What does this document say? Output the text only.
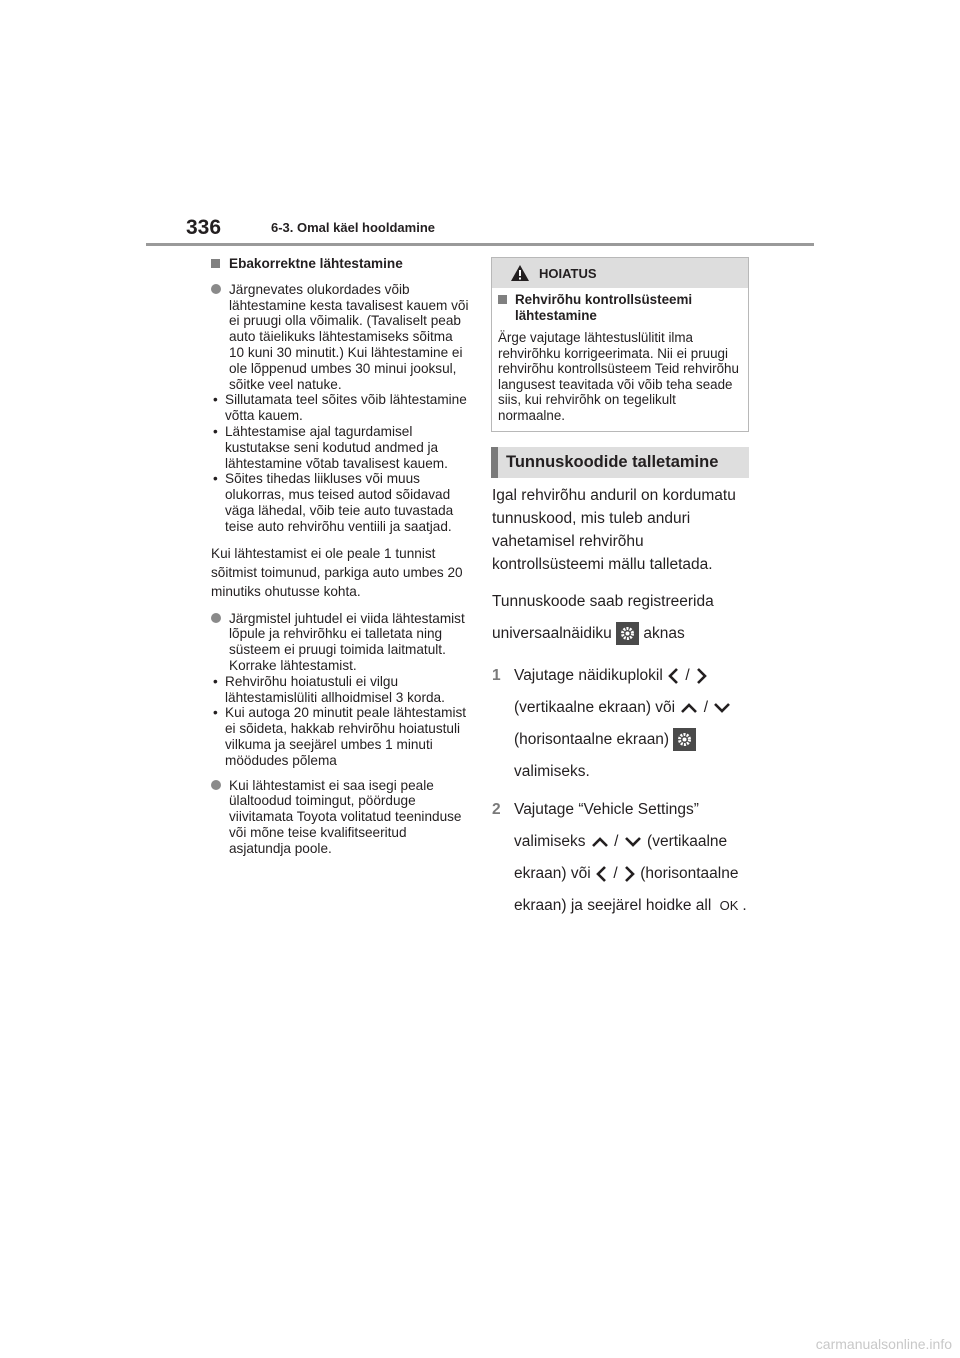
336	6-3. Omal käel hooldamine
Ebakorrektne lähtestamine

Järgnevates olukordades võib lähtestamine kesta tavalisest kauem või ei pruugi olla võimalik. (Tavaliselt peab auto täielikuks lähtestamiseks sõitma 10 kuni 30 minutit.) Kui lähtestamine ei ole lõppenud umbes 30 minui jooksul, sõitke veel natuke.

• Sillutamata teel sõites võib lähtestamine võtta kauem.
• Lähtestamise ajal tagurdamisel kustutakse seni kodutud andmed ja lähtestamine võtab tavalisest kauem.
• Sõites tihedas liikluses või muus olukorras, mus teised autod sõidavad väga lähedal, võib teie auto tuvastada teise auto rehvirõhu ventiili ja saatjad.

Kui lähtestamist ei ole peale 1 tunnist sõitmist toimunud, parkiga auto umbes 20 minutiks ohutusse kohta.

Järgmistel juhtudel ei viida lähtestamist lõpule ja rehvirõhku ei talletata ning süsteem ei pruugi toimida laitmatult. Korrake lähtestamist.

• Rehvirõhu hoiatustuli ei vilgu lähtestamislüliti allhoidmisel 3 korda.
• Kui autoga 20 minutit peale lähtestamist ei sõideta, hakkab rehvirõhu hoiatustuli vilkuma ja seejärel umbes 1 minuti möödudes põlema

Kui lähtestamist ei saa isegi peale ülaltoodud toimingut, pöörduge viivitamata Toyota volitatud teeninduse või mõne teise kvalifitseeritud asjatundja poole.

HOIATUS
Rehvirõhu kontrollsüsteemi lähtestamine
Ärge vajutage lähtestuslülitit ilma rehvirõhku korrigeerimata. Nii ei pruugi rehvirõhu kontrollsüsteem Teid rehvirõhu langusest teavitada või võib teha seade siis, kui rehvirõhk on tegelikult normaalne.
Tunnuskoodide talletamine

Igal rehvirõhu anduril on kordumatu tunnuskood, mis tuleb anduri vahetamisel rehvirõhu kontrollsüsteemi mällu talletada.

Tunnuskoode saab registreerida universaalnäidiku aknas

1 Vajutage näidikuplokil /  (vertikaalne ekraan) või /  (horisontaalne ekraan)  valimiseks.

2 Vajutage “Vehicle Settings” valimiseks / (vertikaalne ekraan) või / (horisontaalne ekraan) ja seejärel hoidke all OK .

carmanualsonline.info
